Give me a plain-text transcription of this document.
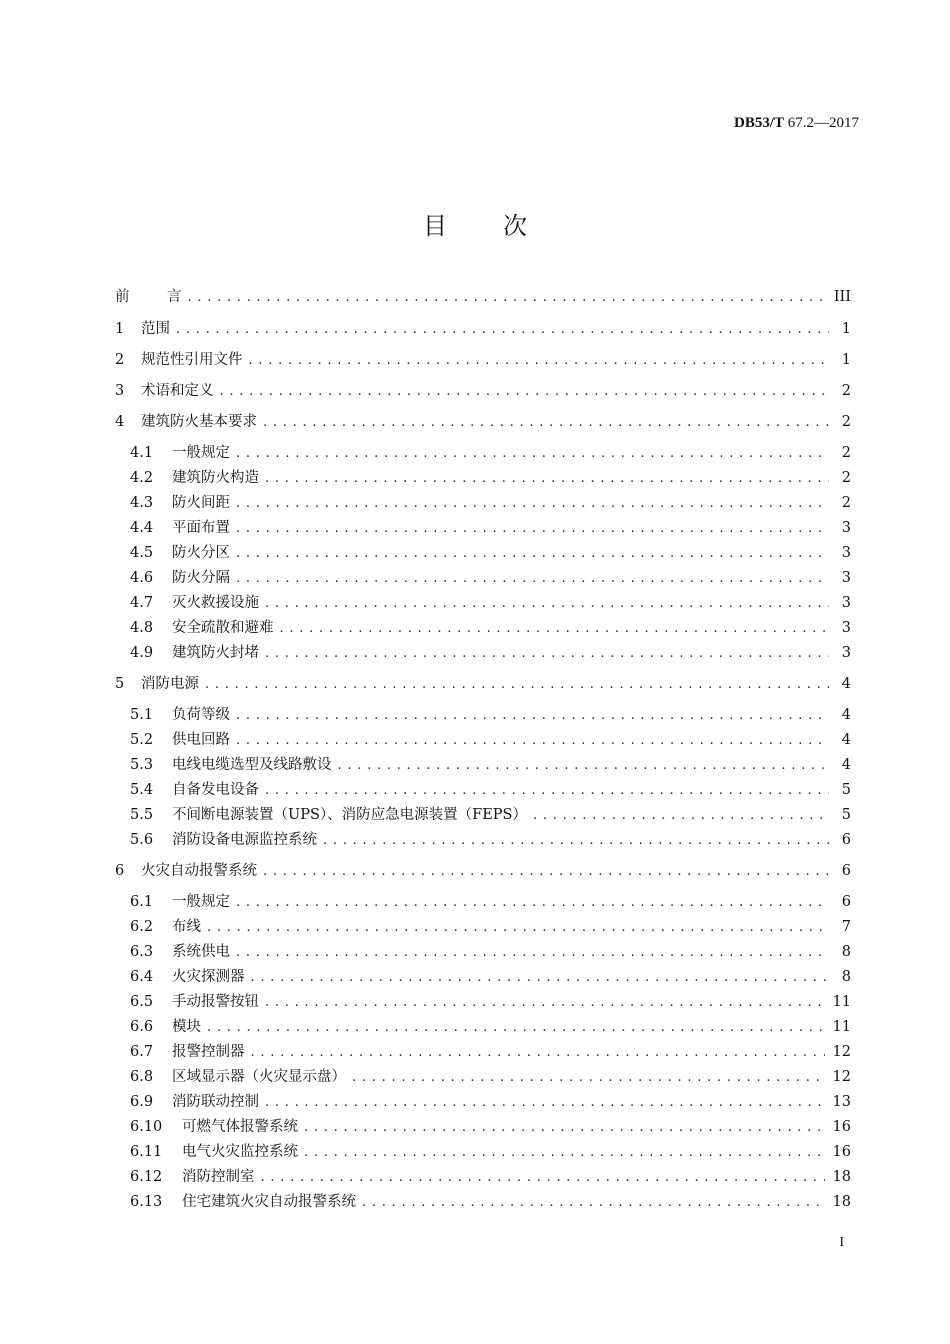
DB53/T 67.2—2017
目次
前	言 . . .	III
1	范围 . . .	1
2	规范性引用文件 . . .	1
3	术语和定义 . . .	2
4	建筑防火基本要求 . . .	2
4.1	一般规定 . . .	2
4.2	建筑防火构造 . . .	2
4.3	防火间距 . . .	2
4.4	平面布置 . . .	3
4.5	防火分区 . . .	3
4.6	防火分隔 . . .	3
4.7	灭火救援设施 . . .	3
4.8	安全疏散和避难 . . .	3
4.9	建筑防火封堵 . . .	3
5	消防电源 . . .	4
5.1	负荷等级 . . .	4
5.2	供电回路 . . .	4
5.3	电线电缆选型及线路敷设 . . .	4
5.4	自备发电设备 . . .	5
5.5	不间断电源装置（UPS）、消防应急电源装置（FEPS） . . .	5
5.6	消防设备电源监控系统 . . .	6
6	火灾自动报警系统 . . .	6
6.1	一般规定 . . .	6
6.2	布线 . . .	7
6.3	系统供电 . . .	8
6.4	火灾探测器 . . .	8
6.5	手动报警按钮 . . .	11
6.6	模块 . . .	11
6.7	报警控制器 . . .	12
6.8	区域显示器（火灾显示盘） . . .	12
6.9	消防联动控制 . . .	13
6.10	可燃气体报警系统 . . .	16
6.11	电气火灾监控系统 . . .	16
6.12	消防控制室 . . .	18
6.13	住宅建筑火灾自动报警系统 . . .	18
I
